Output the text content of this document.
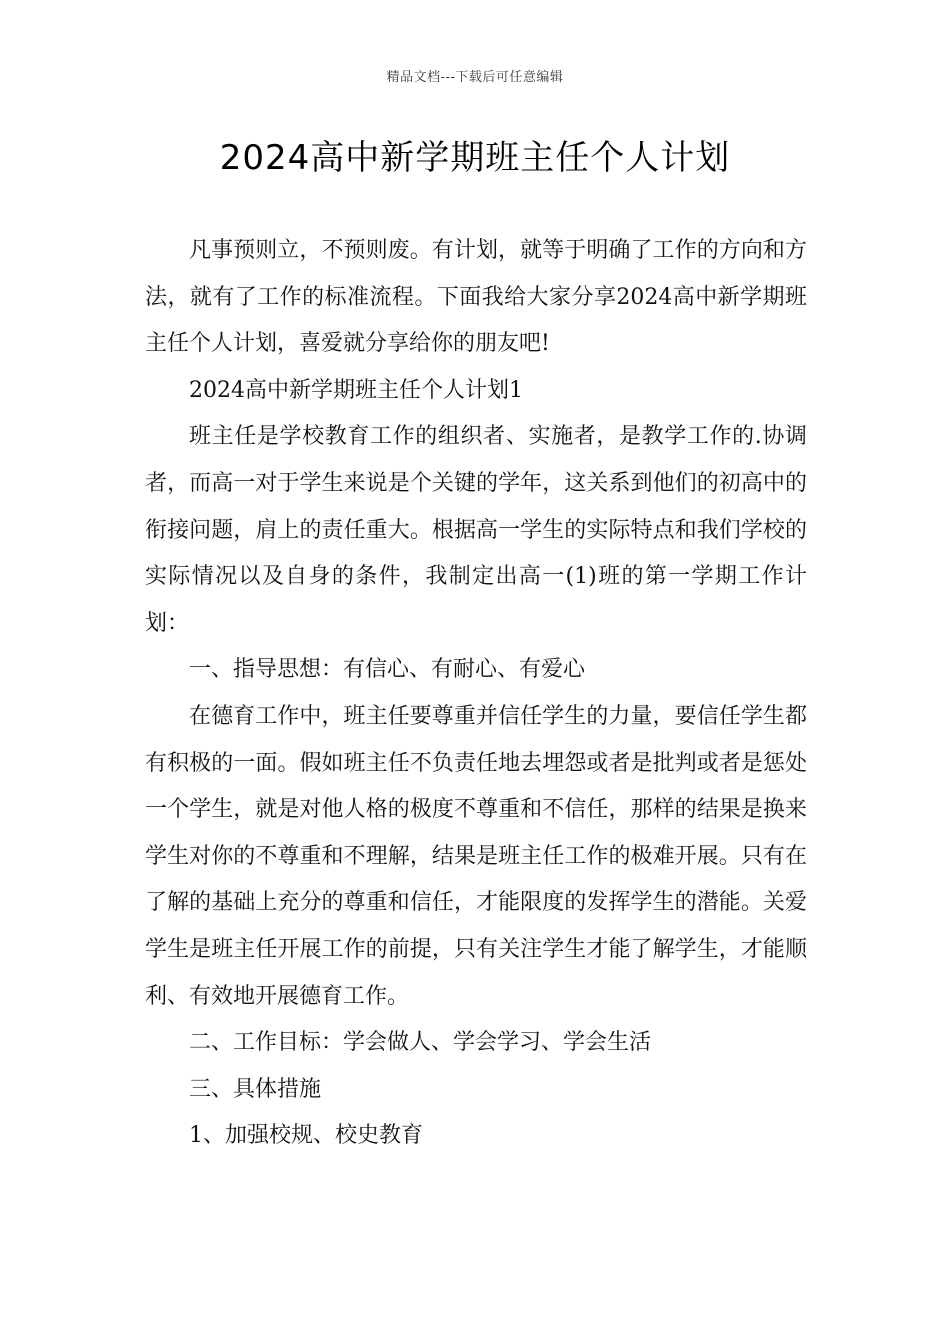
精品文档---下载后可任意编辑
2024高中新学期班主任个人计划

凡事预则立，不预则废。有计划，就等于明确了工作的方向和方法，就有了工作的标准流程。下面我给大家分享2024高中新学期班主任个人计划，喜爱就分享给你的朋友吧!

2024高中新学期班主任个人计划1

班主任是学校教育工作的组织者、实施者，是教学工作的.协调者，而高一对于学生来说是个关键的学年，这关系到他们的初高中的衔接问题，肩上的责任重大。根据高一学生的实际特点和我们学校的实际情况以及自身的条件，我制定出高一(1)班的第一学期工作计划：

一、指导思想：有信心、有耐心、有爱心

在德育工作中，班主任要尊重并信任学生的力量，要信任学生都有积极的一面。假如班主任不负责任地去埋怨或者是批判或者是惩处一个学生，就是对他人格的极度不尊重和不信任，那样的结果是换来学生对你的不尊重和不理解，结果是班主任工作的极难开展。只有在了解的基础上充分的尊重和信任，才能限度的发挥学生的潜能。关爱学生是班主任开展工作的前提，只有关注学生才能了解学生，才能顺利、有效地开展德育工作。

二、工作目标：学会做人、学会学习、学会生活

三、具体措施

1、加强校规、校史教育
